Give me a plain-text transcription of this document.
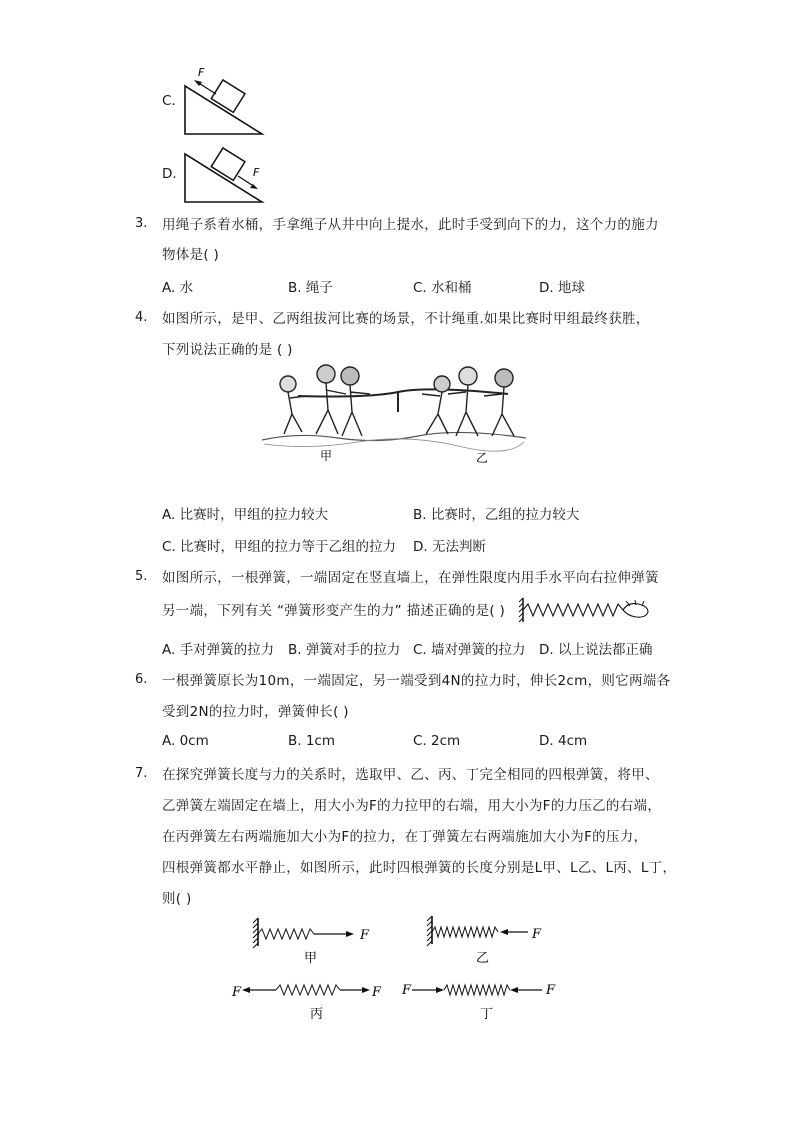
C.
F
D.	F
3. 用绳子系着水桶，手拿绳子从井中向上提水，此时手受到向下的力，这个力的施力
物体是( )
A. 水	B. 绳子	C. 水和桶	D. 地球
4. 如图所示，是甲、乙两组拔河比赛的场景，不计绳重.如果比赛时甲组最终获胜，
下列说法正确的是 ( )
甲	乙
A. 比赛时，甲组的拉力较大	B. 比赛时，乙组的拉力较大
C. 比赛时，甲组的拉力等于乙组的拉力 D. 无法判断
5. 如图所示，一根弹簧，一端固定在竖直墙上，在弹性限度内用手水平向右拉伸弹簧
另一端，下列有关 “弹簧形变产生的力” 描述正确的是( )
A. 手对弹簧的拉力 B. 弹簧对手的拉力 C. 墙对弹簧的拉力 D. 以上说法都正确
6. 一根弹簧原长为10m，一端固定，另一端受到4N的拉力时，伸长2cm，则它两端各
受到2N的拉力时，弹簧伸长( )
A. 0cm	B. 1cm	C. 2cm	D. 4cm
7. 在探究弹簧长度与力的关系时，选取甲、乙、丙、丁完全相同的四根弹簧，将甲、
乙弹簧左端固定在墙上，用大小为F的力拉甲的右端，用大小为F的力压乙的右端，
在丙弹簧左右两端施加大小为F的拉力，在丁弹簧左右两端施加大小为F的压力，
四根弹簧都水平静止，如图所示，此时四根弹簧的长度分别是L甲、L乙、L丙、L丁，
则( )
F
甲
F
乙
F	F
丙
F	F
丁
